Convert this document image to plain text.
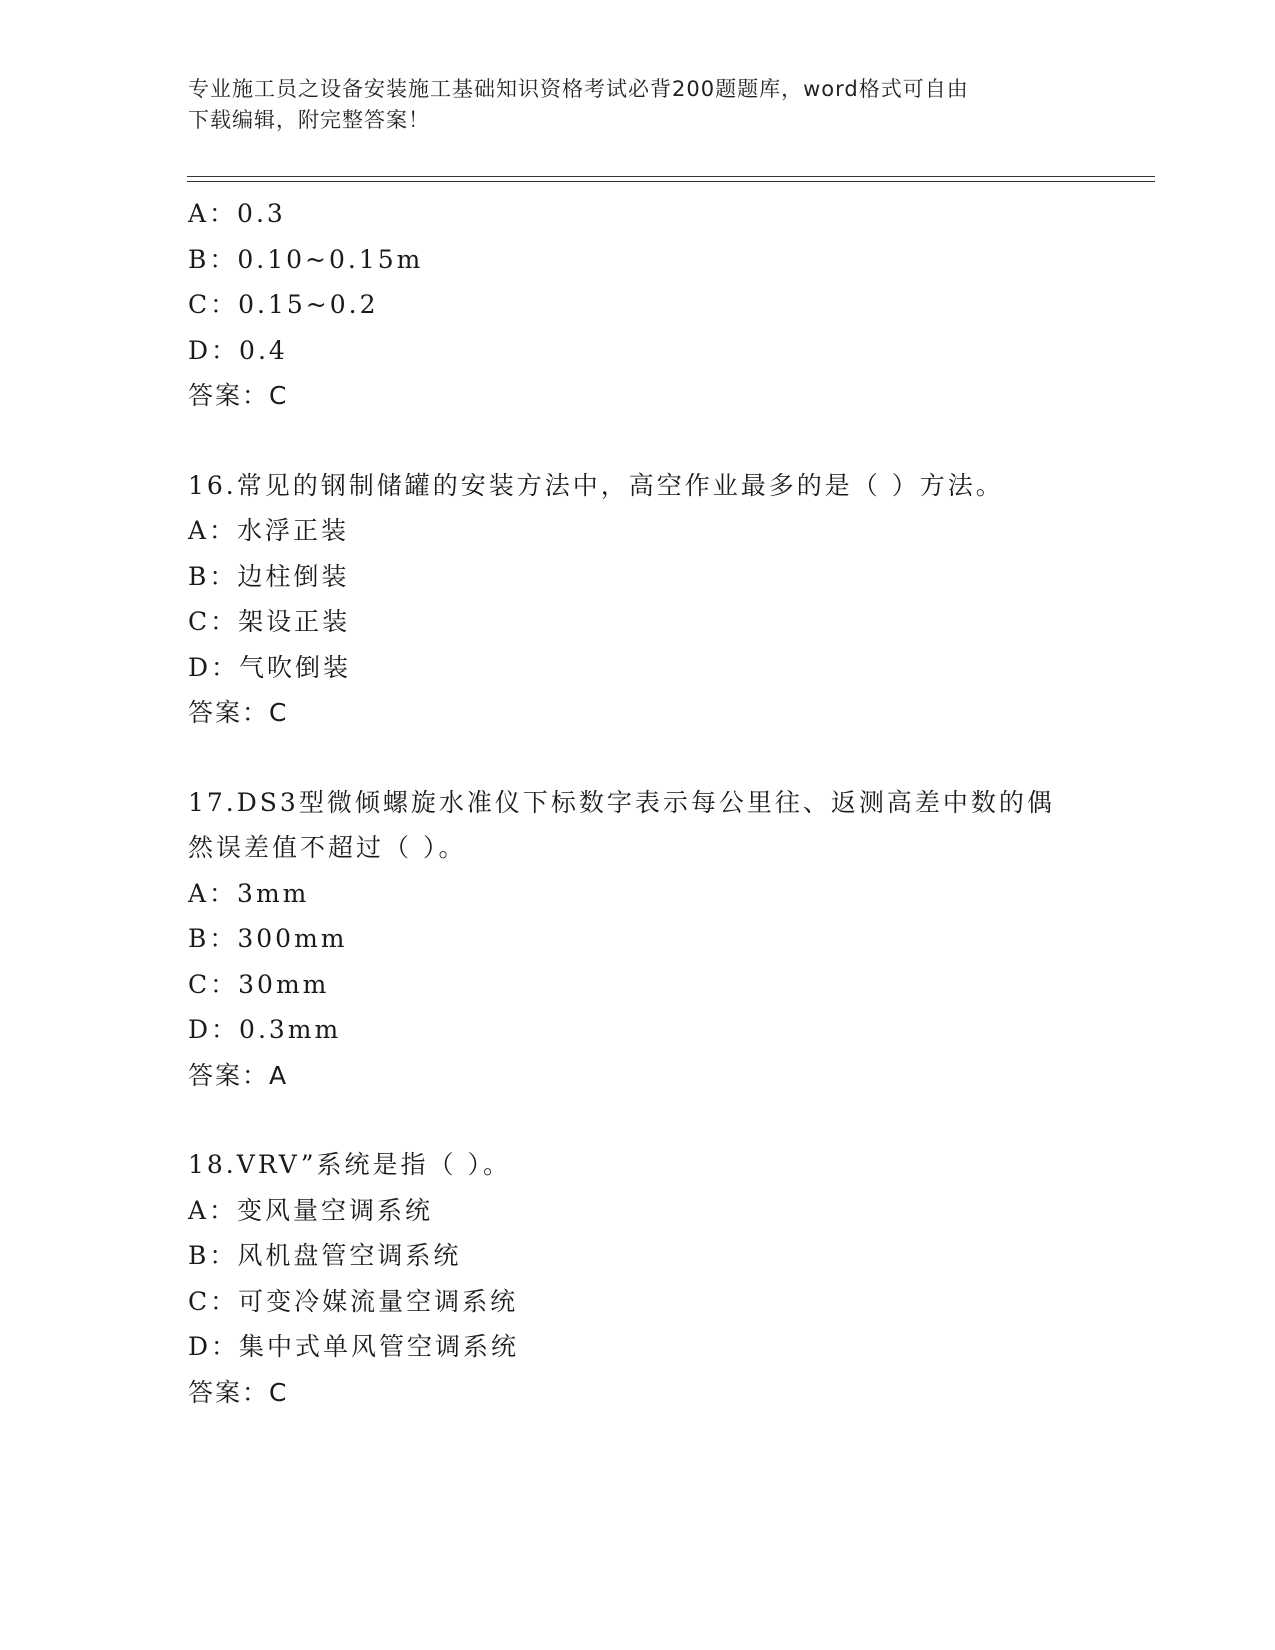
专业施工员之设备安装施工基础知识资格考试必背200题题库，word格式可自由
下载编辑，附完整答案！
A：0.3
B：0.10~0.15m
C：0.15~0.2
D：0.4
答案：C
16.常见的钢制储罐的安装方法中，高空作业最多的是（ ）方法。
A：水浮正装
B：边柱倒装
C：架设正装
D：气吹倒装
答案：C
17.DS3型微倾螺旋水准仪下标数字表示每公里往、返测高差中数的偶
然误差值不超过（ ）。
A：3mm
B：300mm
C：30mm
D：0.3mm
答案：A
18.VRV”系统是指（ ）。
A：变风量空调系统
B：风机盘管空调系统
C：可变冷媒流量空调系统
D：集中式单风管空调系统
答案：C
